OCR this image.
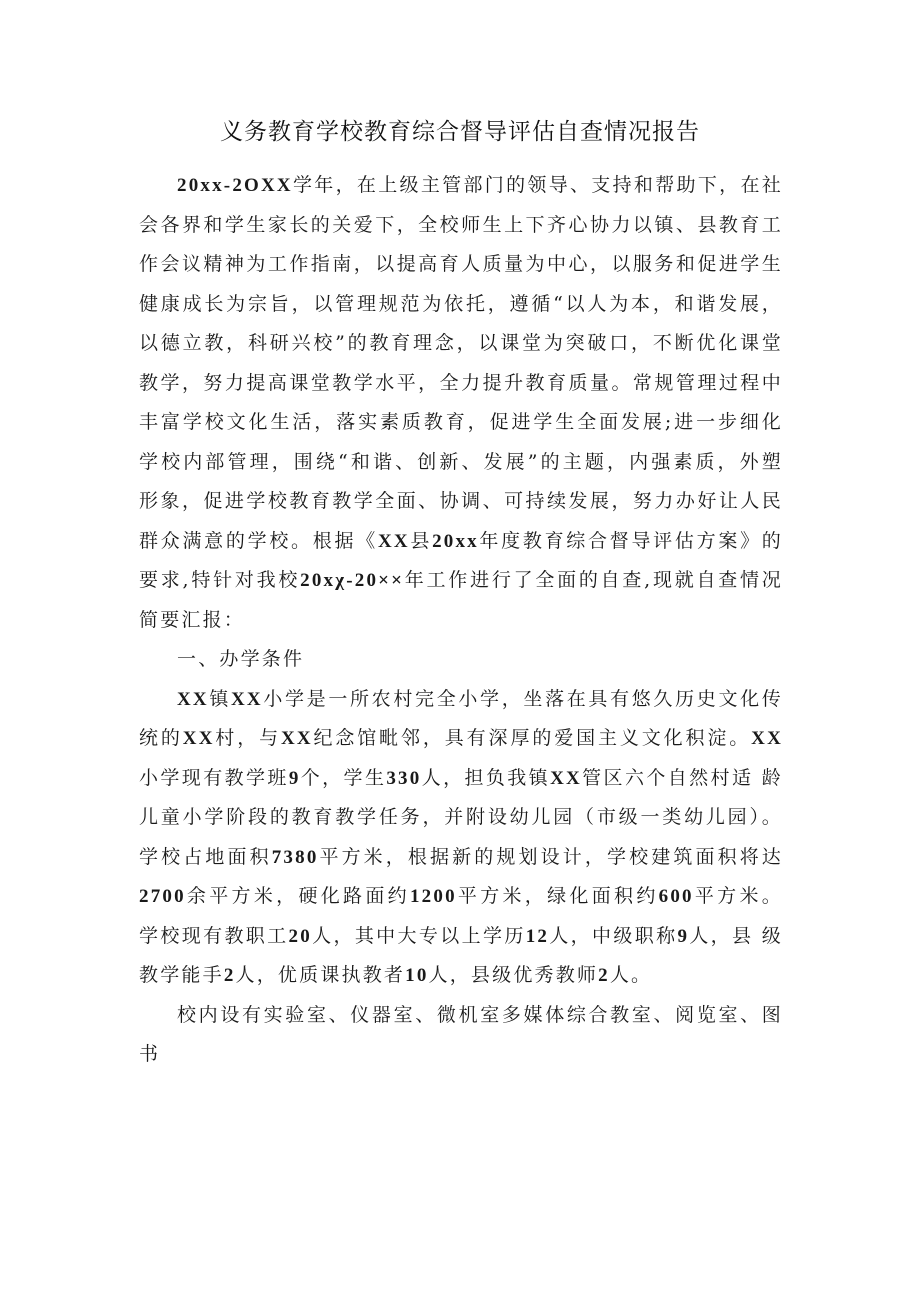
义务教育学校教育综合督导评估自查情况报告

20xx-2OXX学年，在上级主管部门的领导、支持和帮助下，在社 会各界和学生家长的关爱下，全校师生上下齐心协力以镇、县教育工 作会议精神为工作指南，以提高育人质量为中心，以服务和促进学生 健康成长为宗旨，以管理规范为依托，遵循“以人为本，和谐发展， 以德立教，科研兴校”的教育理念，以课堂为突破口，不断优化课堂 教学，努力提高课堂教学水平，全力提升教育质量。常规管理过程中 丰富学校文化生活，落实素质教育，促进学生全面发展;进一步细化 学校内部管理，围绕“和谐、创新、发展”的主题，内强素质，外塑 形象，促进学校教育教学全面、协调、可持续发展，努力办好让人民 群众满意的学校。根据《XX县20xx年度教育综合督导评估方案》的 要求,特针对我校20xχ-20××年工作进行了全面的自查,现就自查情况 简要汇报：

一、办学条件

XX镇XX小学是一所农村完全小学，坐落在具有悠久历史文化传 统的XX村，与XX纪念馆毗邻，具有深厚的爱国主义文化积淀。XX小学现有教学班9个，学生330人，担负我镇XX管区六个自然村适 龄儿童小学阶段的教育教学任务，并附设幼儿园（市级一类幼儿园）。 学校占地面积7380平方米，根据新的规划设计，学校建筑面积将达 2700余平方米，硬化路面约1200平方米，绿化面积约600平方米。 学校现有教职工20人，其中大专以上学历12人，中级职称9人，县 级教学能手2人，优质课执教者10人，县级优秀教师2人。

校内设有实验室、仪器室、微机室多媒体综合教室、阅览室、图 书
